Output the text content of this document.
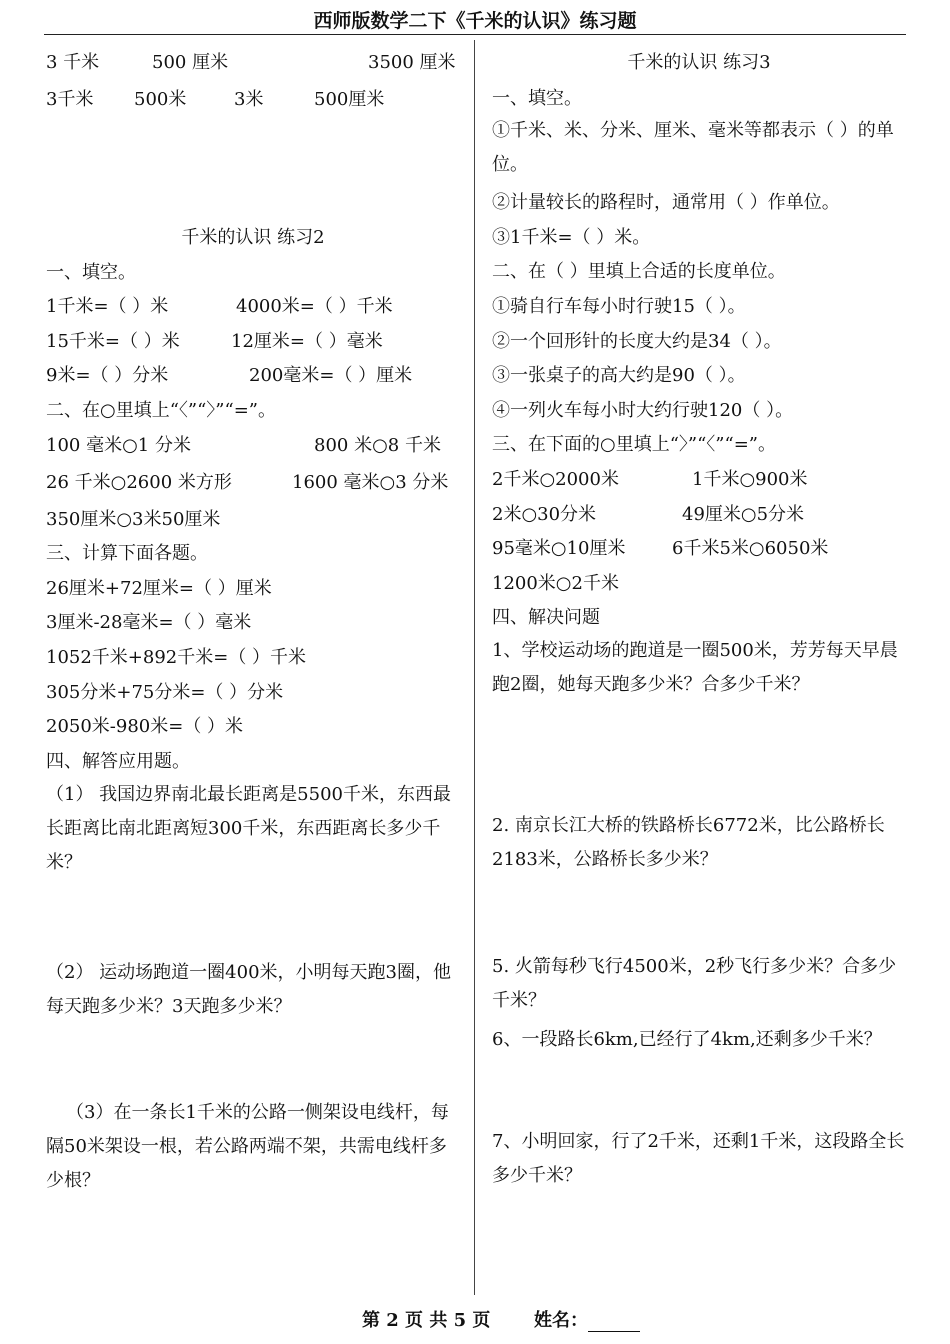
西师版数学二下《千米的认识》练习题
3 千米	500 厘米	3500 厘米
3千米 500米	3米	500厘米
千米的认识 练习2
一、填空。
1千米=（ ）米	4000米=（ ）千米
15千米=（ ）米	12厘米=（ ）毫米
9米=（ ）分米	200毫米=（ ）厘米
二、在○里填上“〈”“〉”“=”。
100 毫米○1 分米	800 米○8 千米
26 千米○2600 米方形	1600 毫米○3 分米
350厘米○3米50厘米
三、计算下面各题。
26厘米+72厘米=（ ）厘米
3厘米-28毫米=（ ）毫米
1052千米+892千米=（ ）千米
305分米+75分米=（ ）分米
2050米-980米=（ ）米
四、解答应用题。
（1） 我国边界南北最长距离是5500千米，东西最长距离比南北距离短300千米，东西距离长多少千米？
（2） 运动场跑道一圈400米，小明每天跑3圈，他每天跑多少米？3天跑多少米？
（3）在一条长1千米的公路一侧架设电线杆，每隔50米架设一根，若公路两端不架，共需电线杆多少根？
千米的认识 练习3
一、填空。
①千米、米、分米、厘米、毫米等都表示（ ）的单位。
②计量较长的路程时，通常用（ ）作单位。
③1千米=（ ）米。
二、在（ ）里填上合适的长度单位。
①骑自行车每小时行驶15（ ）。
②一个回形针的长度大约是34（ ）。
③一张桌子的高大约是90（ ）。
④一列火车每小时大约行驶120（ ）。
三、在下面的○里填上“〉”“〈”“=”。
2千米○2000米	1千米○900米
2米○30分米	49厘米○5分米
95毫米○10厘米	6千米5米○6050米
1200米○2千米
四、解决问题
1、学校运动场的跑道是一圈500米，芳芳每天早晨跑2圈，她每天跑多少米？合多少千米？
2. 南京长江大桥的铁路桥长6772米，比公路桥长2183米，公路桥长多少米？
5. 火箭每秒飞行4500米，2秒飞行多少米？合多少千米？
6、一段路长6km,已经行了4km,还剩多少千米？
7、小明回家，行了2千米，还剩1千米，这段路全长多少千米？
第 2 页 共 5 页 姓名：
